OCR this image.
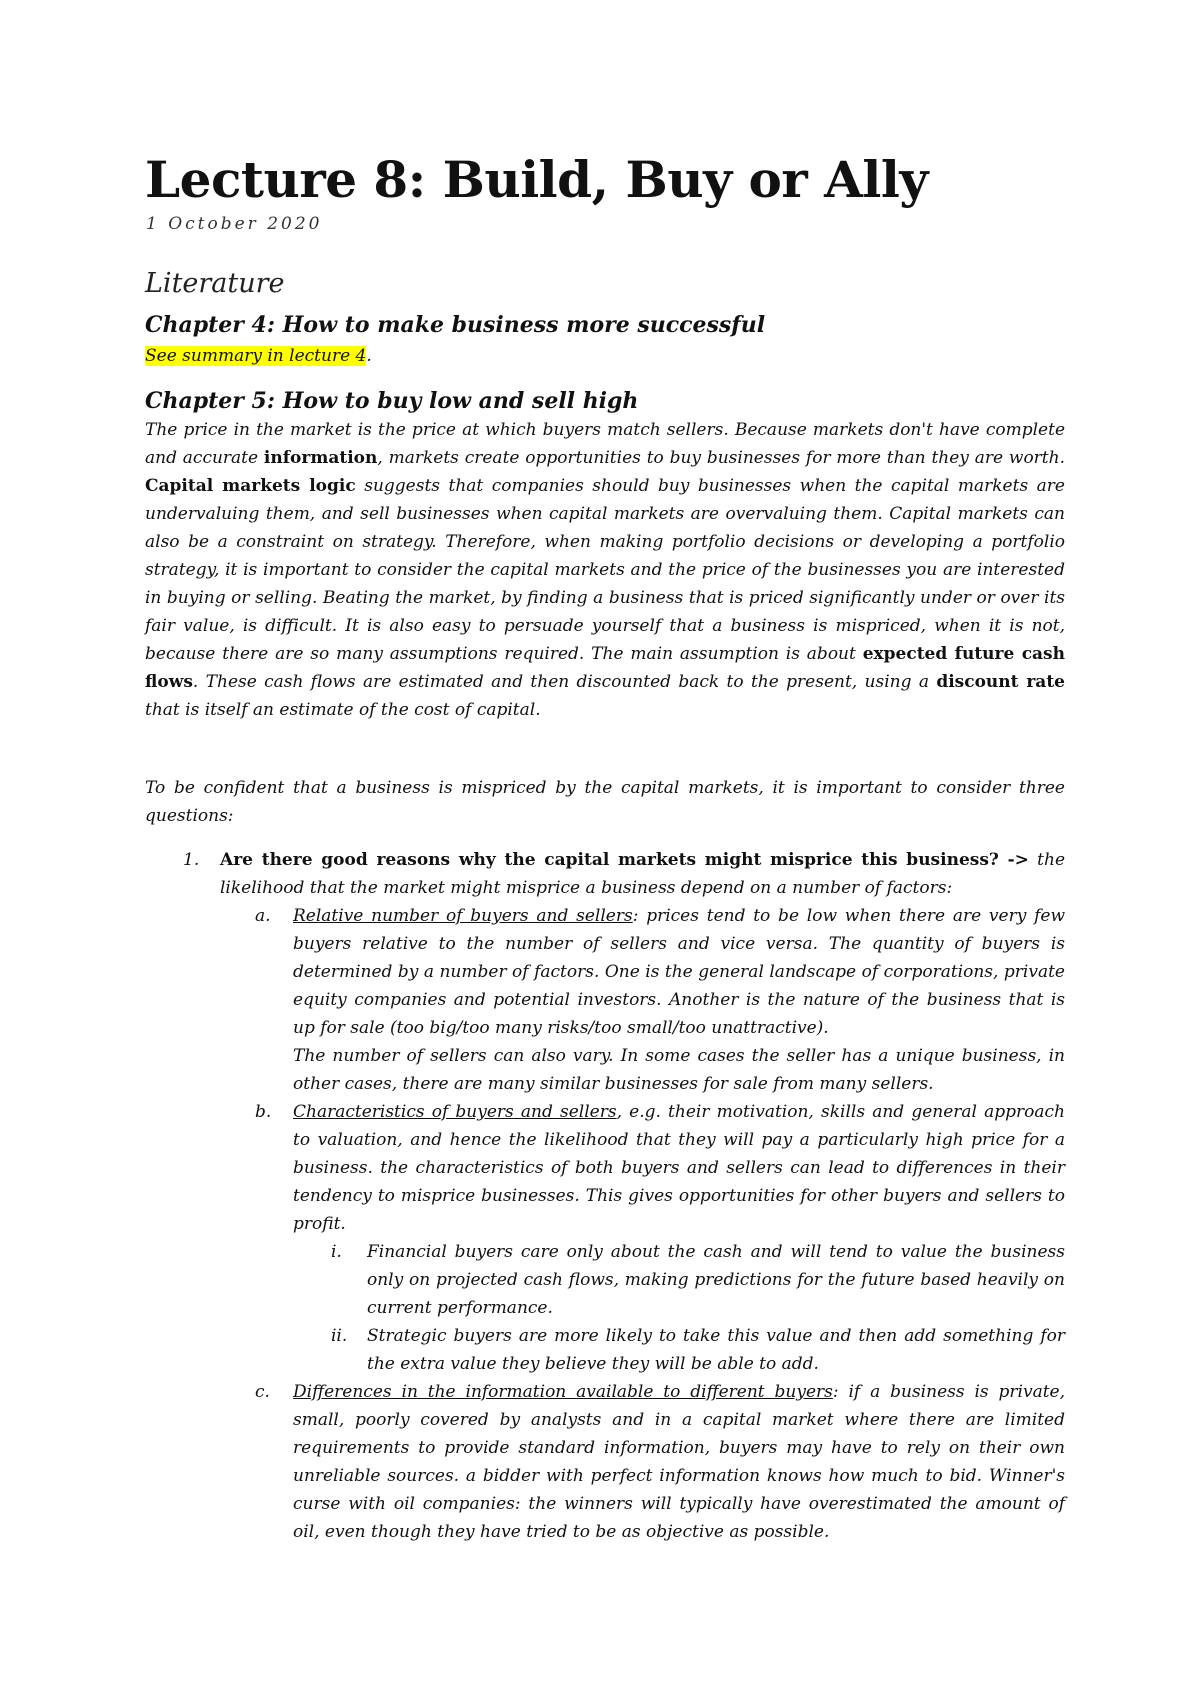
Lecture 8: Build, Buy or Ally
1 October 2020
Literature
Chapter 4: How to make business more successful
See summary in lecture 4.
Chapter 5: How to buy low and sell high

The price in the market is the price at which buyers match sellers. Because markets don't have complete and accurate information, markets create opportunities to buy businesses for more than they are worth. Capital markets logic suggests that companies should buy businesses when the capital markets are undervaluing them, and sell businesses when capital markets are overvaluing them. Capital markets can also be a constraint on strategy. Therefore, when making portfolio decisions or developing a portfolio strategy, it is important to consider the capital markets and the price of the businesses you are interested in buying or selling. Beating the market, by finding a business that is priced significantly under or over its fair value, is difficult. It is also easy to persuade yourself that a business is mispriced, when it is not, because there are so many assumptions required. The main assumption is about expected future cash flows. These cash flows are estimated and then discounted back to the present, using a discount rate that is itself an estimate of the cost of capital.

To be confident that a business is mispriced by the capital markets, it is important to consider three questions:

1. Are there good reasons why the capital markets might misprice this business? -> the likelihood that the market might misprice a business depend on a number of factors:
a. Relative number of buyers and sellers: prices tend to be low when there are very few buyers relative to the number of sellers and vice versa. The quantity of buyers is determined by a number of factors. One is the general landscape of corporations, private equity companies and potential investors. Another is the nature of the business that is up for sale (too big/too many risks/too small/too unattractive).
The number of sellers can also vary. In some cases the seller has a unique business, in other cases, there are many similar businesses for sale from many sellers.
b. Characteristics of buyers and sellers, e.g. their motivation, skills and general approach to valuation, and hence the likelihood that they will pay a particularly high price for a business. the characteristics of both buyers and sellers can lead to differences in their tendency to misprice businesses. This gives opportunities for other buyers and sellers to profit.
i. Financial buyers care only about the cash and will tend to value the business only on projected cash flows, making predictions for the future based heavily on current performance.
ii. Strategic buyers are more likely to take this value and then add something for the extra value they believe they will be able to add.
c. Differences in the information available to different buyers: if a business is private, small, poorly covered by analysts and in a capital market where there are limited requirements to provide standard information, buyers may have to rely on their own unreliable sources. a bidder with perfect information knows how much to bid. Winner's curse with oil companies: the winners will typically have overestimated the amount of oil, even though they have tried to be as objective as possible.
